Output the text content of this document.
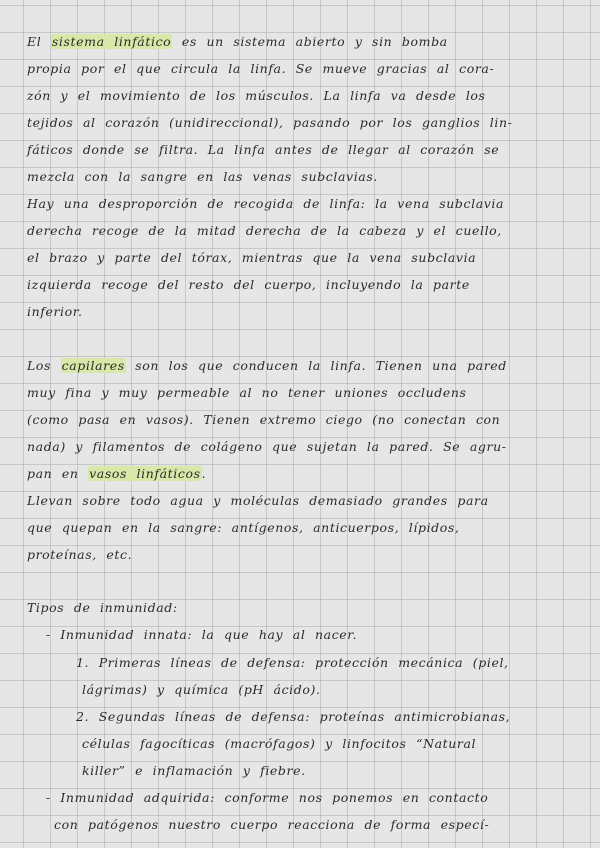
El sistema linfático es un sistema abierto y sin bomba
propia por el que circula la linfa. Se mueve gracias al cora-
zón y el movimiento de los músculos. La linfa va desde los
tejidos al corazón (unidireccional), pasando por los ganglios lin-
fáticos donde se filtra. La linfa antes de llegar al corazón se
mezcla con la sangre en las venas subclavias.
Hay una desproporción de recogida de linfa: la vena subclavia
derecha recoge de la mitad derecha de la cabeza y el cuello,
el brazo y parte del tórax, mientras que la vena subclavia
izquierda recoge del resto del cuerpo, incluyendo la parte
inferior.
Los capilares son los que conducen la linfa. Tienen una pared
muy fina y muy permeable al no tener uniones occludens
(como pasa en vasos). Tienen extremo ciego (no conectan con
nada) y filamentos de colágeno que sujetan la pared. Se agru-
pan en vasos linfáticos.
Llevan sobre todo agua y moléculas demasiado grandes para
que quepan en la sangre: antígenos, anticuerpos, lípidos,
proteínas, etc.
Tipos de inmunidad:
- Inmunidad innata: la que hay al nacer.
1. Primeras líneas de defensa: protección mecánica (piel,
lágrimas) y química (pH ácido).
2. Segundas líneas de defensa: proteínas antimicrobianas,
células fagocíticas (macrófagos) y linfocitos “Natural
killer” e inflamación y fiebre.
- Inmunidad adquirida: conforme nos ponemos en contacto
con patógenos nuestro cuerpo reacciona de forma especí-
